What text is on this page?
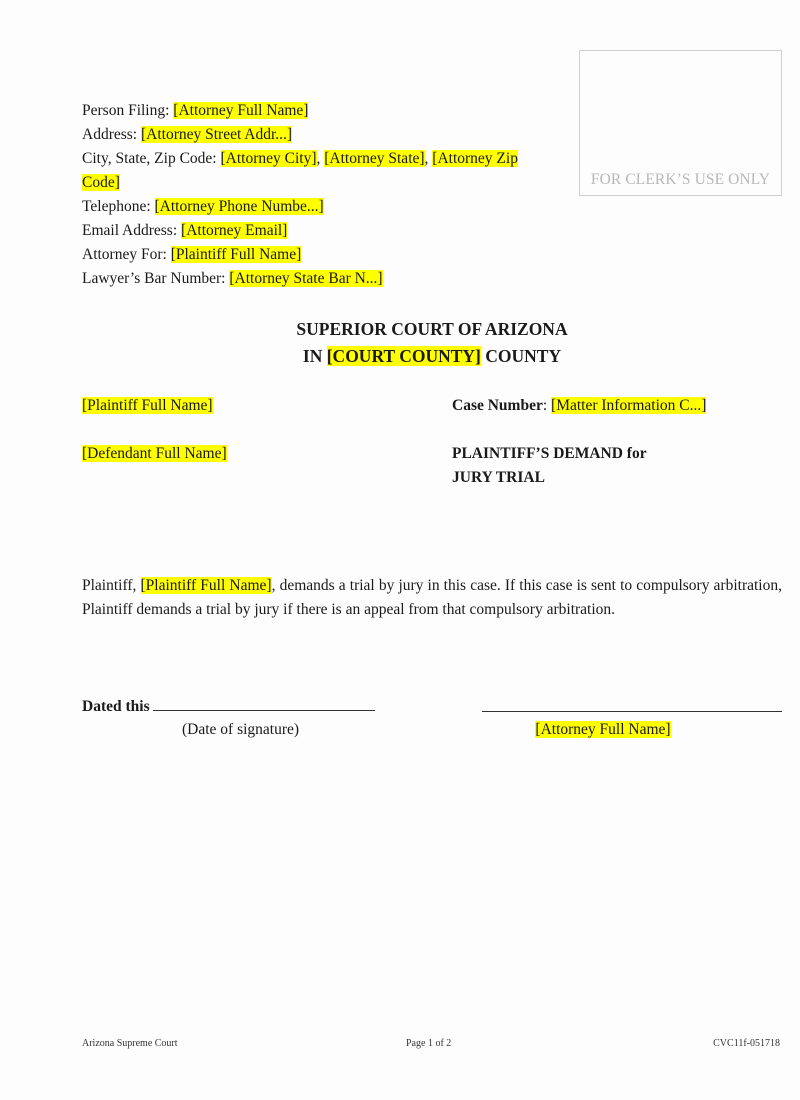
FOR CLERK’S USE ONLY
Person Filing: [Attorney Full Name]
Address: [Attorney Street Addr...]
City, State, Zip Code: [Attorney City], [Attorney State], [Attorney Zip
Code]
Telephone: [Attorney Phone Numbe...]
Email Address: [Attorney Email]
Attorney For: [Plaintiff Full Name]
Lawyer’s Bar Number: [Attorney State Bar N...]
SUPERIOR COURT OF ARIZONA
IN [COURT COUNTY] COUNTY
[Plaintiff Full Name]
[Defendant Full Name]
Case Number: [Matter Information C...]
PLAINTIFF’S DEMAND for
JURY TRIAL
Plaintiff, [Plaintiff Full Name], demands a trial by jury in this case. If this case is sent to compulsory arbitration, Plaintiff demands a trial by jury if there is an appeal from that compulsory arbitration.
Dated this
(Date of signature)	[Attorney Full Name]
Arizona Supreme Court	Page 1 of 2	CVC11f-051718
